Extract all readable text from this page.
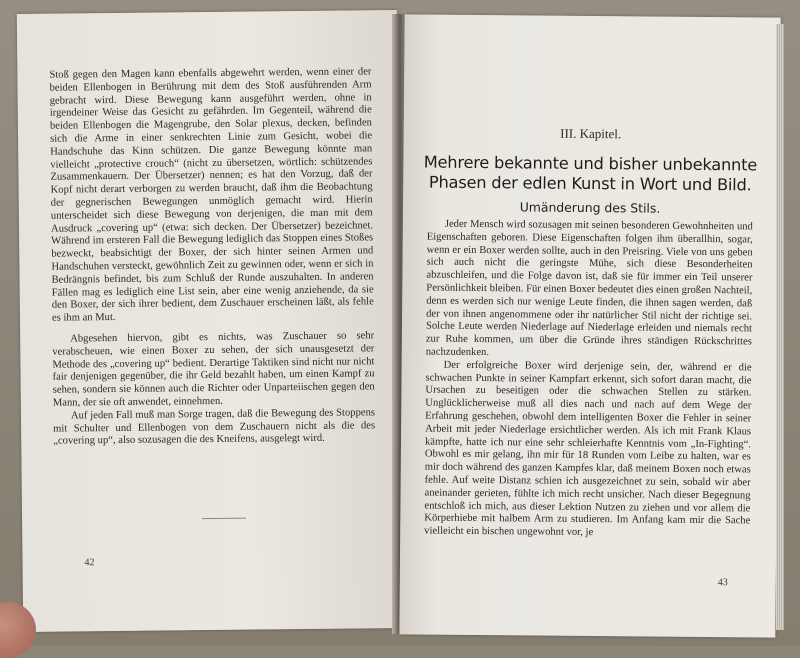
Stoß gegen den Magen kann ebenfalls abgewehrt werden, wenn einer der beiden Ellenbogen in Berührung mit dem des Stoß ausführenden Arm gebracht wird. Diese Bewegung kann ausgeführt werden, ohne in irgendeiner Weise das Gesicht zu gefährden. Im Gegenteil, während die beiden Ellenbogen die Magengrube, den Solar plexus, decken, befinden sich die Arme in einer senkrechten Linie zum Gesicht, wobei die Handschuhe das Kinn schützen. Die ganze Bewegung könnte man vielleicht „protective crouch“ (nicht zu übersetzen, wörtlich: schützendes Zusammenkauern. Der Übersetzer) nennen; es hat den Vorzug, daß der Kopf nicht derart verborgen zu werden braucht, daß ihm die Beobachtung der gegnerischen Bewegungen unmöglich gemacht wird. Hierin unterscheidet sich diese Bewegung von derjenigen, die man mit dem Ausdruck „covering up“ (etwa: sich decken. Der Übersetzer) bezeichnet. Während im ersteren Fall die Bewegung lediglich das Stoppen eines Stoßes bezweckt, beabsichtigt der Boxer, der sich hinter seinen Armen und Handschuhen versteckt, gewöhnlich Zeit zu gewinnen oder, wenn er sich in Bedrängnis befindet, bis zum Schluß der Runde auszuhalten. In anderen Fällen mag es lediglich eine List sein, aber eine wenig anziehende, da sie den Boxer, der sich ihrer bedient, dem Zuschauer erscheinen läßt, als fehle es ihm an Mut.

Abgesehen hiervon, gibt es nichts, was Zuschauer so sehr verabscheuen, wie einen Boxer zu sehen, der sich unausgesetzt der Methode des „covering up“ bedient. Derartige Taktiken sind nicht nur nicht fair denjenigen gegenüber, die ihr Geld bezahlt haben, um einen Kampf zu sehen, sondern sie können auch die Richter oder Unparteiischen gegen den Mann, der sie oft anwendet, einnehmen.

Auf jeden Fall muß man Sorge tragen, daß die Bewegung des Stoppens mit Schulter und Ellenbogen von dem Zuschauern nicht als die des „covering up“, also sozusagen die des Kneifens, ausgelegt wird.

42
III. Kapitel.
Mehrere bekannte und bisher unbekannte
Phasen der edlen Kunst in Wort und Bild.
Umänderung des Stils.

Jeder Mensch wird sozusagen mit seinen besonderen Gewohnheiten und Eigenschaften geboren. Diese Eigenschaften folgen ihm überallhin, sogar, wenn er ein Boxer werden sollte, auch in den Preisring. Viele von uns geben sich auch nicht die geringste Mühe, sich diese Besonderheiten abzuschleifen, und die Folge davon ist, daß sie für immer ein Teil unserer Persönlichkeit bleiben. Für einen Boxer bedeutet dies einen großen Nachteil, denn es werden sich nur wenige Leute finden, die ihnen sagen werden, daß der von ihnen angenommene oder ihr natürlicher Stil nicht der richtige sei. Solche Leute werden Niederlage auf Niederlage erleiden und niemals recht zur Ruhe kommen, um über die Gründe ihres ständigen Rückschrittes nachzudenken.

Der erfolgreiche Boxer wird derjenige sein, der, während er die schwachen Punkte in seiner Kampfart erkennt, sich sofort daran macht, die Ursachen zu beseitigen oder die schwachen Stellen zu stärken. Unglücklicherweise muß all dies nach und nach auf dem Wege der Erfahrung geschehen, obwohl dem intelligenten Boxer die Fehler in seiner Arbeit mit jeder Niederlage ersichtlicher werden. Als ich mit Frank Klaus kämpfte, hatte ich nur eine sehr schleierhafte Kenntnis vom „In-Fighting“. Obwohl es mir gelang, ihn mir für 18 Runden vom Leibe zu halten, war es mir doch während des ganzen Kampfes klar, daß meinem Boxen noch etwas fehle. Auf weite Distanz schien ich ausgezeichnet zu sein, sobald wir aber aneinander gerieten, fühlte ich mich recht unsicher. Nach dieser Begegnung entschloß ich mich, aus dieser Lektion Nutzen zu ziehen und vor allem die Körperhiebe mit halbem Arm zu studieren. Im Anfang kam mir die Sache vielleicht ein bischen ungewohnt vor, je

43
